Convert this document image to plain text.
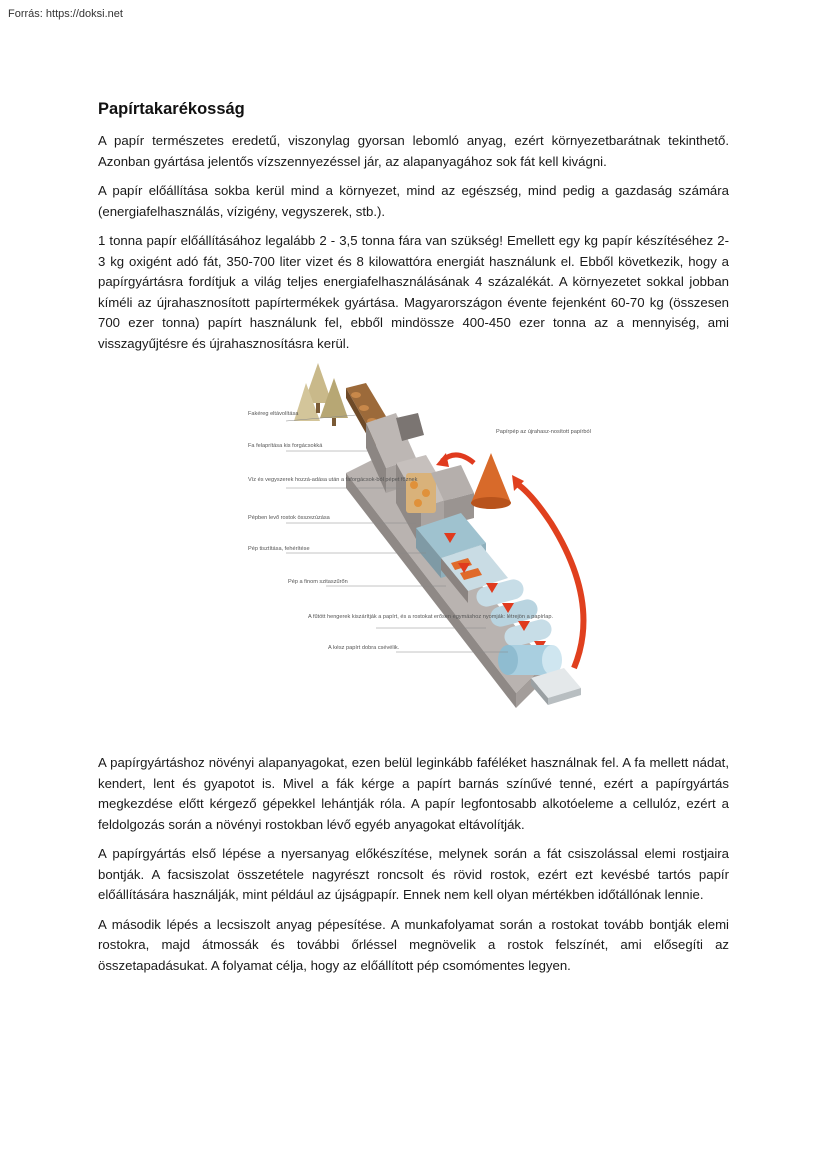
Forrás: https://doksi.net
Papírtakarékosság

A papír természetes eredetű, viszonylag gyorsan lebomló anyag, ezért környezetbarátnak tekinthető. Azonban gyártása jelentős vízszennyezéssel jár, az alapanyagához sok fát kell kivágni.

A papír előállítása sokba kerül mind a környezet, mind az egészség, mind pedig a gazdaság számára (energiafelhasználás, vízigény, vegyszerek, stb.).

1 tonna papír előállításához legalább 2 - 3,5 tonna fára van szükség! Emellett egy kg papír készítéséhez 2-3 kg oxigént adó fát, 350-700 liter vizet és 8 kilowattóra energiát használunk el. Ebből következik, hogy a papírgyártásra fordítjuk a világ teljes energiafelhasználásának 4 százalékát. A környezetet sokkal jobban kíméli az újrahasznosított papírtermékek gyártása. Magyarországon évente fejenként 60-70 kg (összesen 700 ezer tonna) papírt használunk fel, ebből mindössze 400-450 ezer tonna az a mennyiség, ami visszagyűjtésre és újrahasznosításra kerül.

Fakéreg eltávolítása
Fa felaprítása kis forgácsokká
Víz és vegyszerek hozzá-adása után a faforgácsok-ból pépet főznek
Pépben levő rostok összezúzása
Pép tisztítása, fehérítése
Pép a finom szitaszűrőn
A fűtött hengerek kiszárítják a papírt, és a rostokat erősen egymáshoz nyomják: létrejön a papírlap.
A kész papírt dobra csévélik.
Papírpép az újrahasz-nosított papírból

A papírgyártáshoz növényi alapanyagokat, ezen belül leginkább faféléket használnak fel. A fa mellett nádat, kendert, lent és gyapotot is. Mivel a fák kérge a papírt barnás színűvé tenné, ezért a papírgyártás megkezdése előtt kérgező gépekkel lehántják róla. A papír legfontosabb alkotóeleme a cellulóz, ezért a feldolgozás során a növényi rostokban lévő egyéb anyagokat eltávolítják.

A papírgyártás első lépése a nyersanyag előkészítése, melynek során a fát csiszolással elemi rostjaira bontják. A facsiszolat összetétele nagyrészt roncsolt és rövid rostok, ezért ezt kevésbé tartós papír előállítására használják, mint például az újságpapír. Ennek nem kell olyan mértékben időtállónak lennie.

A második lépés a lecsiszolt anyag pépesítése. A munkafolyamat során a rostokat tovább bontják elemi rostokra, majd átmossák és további őrléssel megnövelik a rostok felszínét, ami elősegíti az összetapadásukat. A folyamat célja, hogy az előállított pép csomómentes legyen.
